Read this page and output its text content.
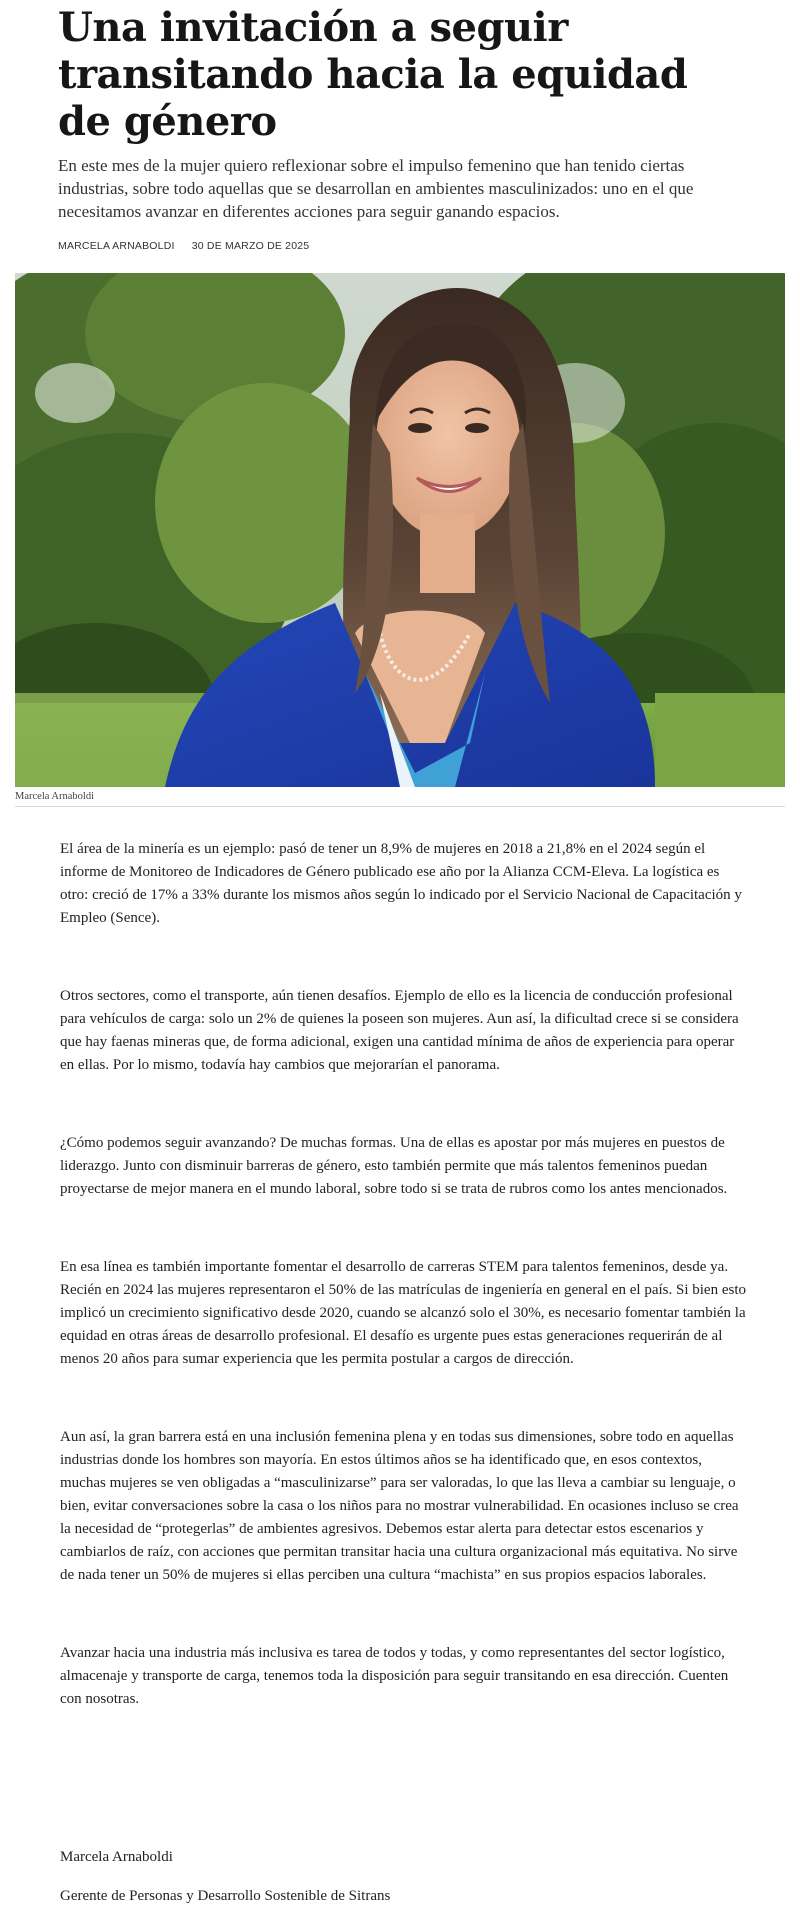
Una invitación a seguir transitando hacia la equidad de género

En este mes de la mujer quiero reflexionar sobre el impulso femenino que han tenido ciertas industrias, sobre todo aquellas que se desarrollan en ambientes masculinizados: uno en el que necesitamos avanzar en diferentes acciones para seguir ganando espacios.

MARCELA ARNABOLDI 30 DE MARZO DE 2025
Marcela Arnaboldi

El área de la minería es un ejemplo: pasó de tener un 8,9% de mujeres en 2018 a 21,8% en el 2024 según el informe de Monitoreo de Indicadores de Género publicado ese año por la Alianza CCM-Eleva. La logística es otro: creció de 17% a 33% durante los mismos años según lo indicado por el Servicio Nacional de Capacitación y Empleo (Sence).

Otros sectores, como el transporte, aún tienen desafíos. Ejemplo de ello es la licencia de conducción profesional para vehículos de carga: solo un 2% de quienes la poseen son mujeres. Aun así, la dificultad crece si se considera que hay faenas mineras que, de forma adicional, exigen una cantidad mínima de años de experiencia para operar en ellas. Por lo mismo, todavía hay cambios que mejorarían el panorama.

¿Cómo podemos seguir avanzando? De muchas formas. Una de ellas es apostar por más mujeres en puestos de liderazgo. Junto con disminuir barreras de género, esto también permite que más talentos femeninos puedan proyectarse de mejor manera en el mundo laboral, sobre todo si se trata de rubros como los antes mencionados.

En esa línea es también importante fomentar el desarrollo de carreras STEM para talentos femeninos, desde ya. Recién en 2024 las mujeres representaron el 50% de las matrículas de ingeniería en general en el país. Si bien esto implicó un crecimiento significativo desde 2020, cuando se alcanzó solo el 30%, es necesario fomentar también la equidad en otras áreas de desarrollo profesional. El desafío es urgente pues estas generaciones requerirán de al menos 20 años para sumar experiencia que les permita postular a cargos de dirección.

Aun así, la gran barrera está en una inclusión femenina plena y en todas sus dimensiones, sobre todo en aquellas industrias donde los hombres son mayoría. En estos últimos años se ha identificado que, en esos contextos, muchas mujeres se ven obligadas a “masculinizarse” para ser valoradas, lo que las lleva a cambiar su lenguaje, o bien, evitar conversaciones sobre la casa o los niños para no mostrar vulnerabilidad. En ocasiones incluso se crea la necesidad de “protegerlas” de ambientes agresivos. Debemos estar alerta para detectar estos escenarios y cambiarlos de raíz, con acciones que permitan transitar hacia una cultura organizacional más equitativa. No sirve de nada tener un 50% de mujeres si ellas perciben una cultura “machista” en sus propios espacios laborales.

Avanzar hacia una industria más inclusiva es tarea de todos y todas, y como representantes del sector logístico, almacenaje y transporte de carga, tenemos toda la disposición para seguir transitando en esa dirección. Cuenten con nosotras.

Marcela Arnaboldi
Gerente de Personas y Desarrollo Sostenible de Sitrans
